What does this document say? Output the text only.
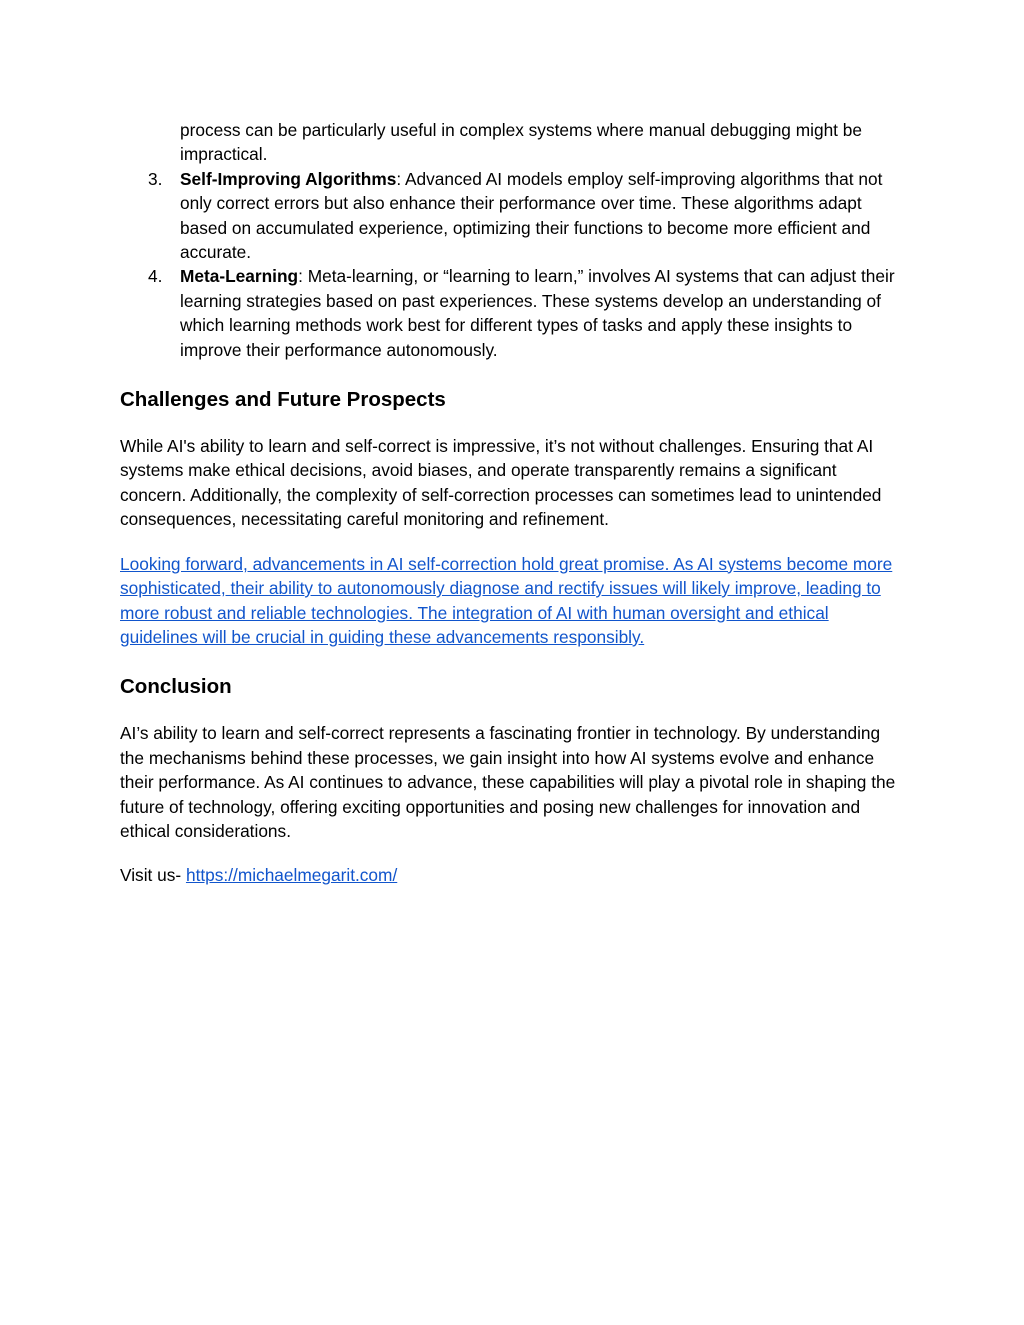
process can be particularly useful in complex systems where manual debugging might be impractical.

3. Self-Improving Algorithms: Advanced AI models employ self-improving algorithms that not only correct errors but also enhance their performance over time. These algorithms adapt based on accumulated experience, optimizing their functions to become more efficient and accurate.
4. Meta-Learning: Meta-learning, or “learning to learn,” involves AI systems that can adjust their learning strategies based on past experiences. These systems develop an understanding of which learning methods work best for different types of tasks and apply these insights to improve their performance autonomously.
Challenges and Future Prospects

While AI's ability to learn and self-correct is impressive, it’s not without challenges. Ensuring that AI systems make ethical decisions, avoid biases, and operate transparently remains a significant concern. Additionally, the complexity of self-correction processes can sometimes lead to unintended consequences, necessitating careful monitoring and refinement.

Looking forward, advancements in AI self-correction hold great promise. As AI systems become more sophisticated, their ability to autonomously diagnose and rectify issues will likely improve, leading to more robust and reliable technologies. The integration of AI with human oversight and ethical guidelines will be crucial in guiding these advancements responsibly.

Conclusion

AI’s ability to learn and self-correct represents a fascinating frontier in technology. By understanding the mechanisms behind these processes, we gain insight into how AI systems evolve and enhance their performance. As AI continues to advance, these capabilities will play a pivotal role in shaping the future of technology, offering exciting opportunities and posing new challenges for innovation and ethical considerations.

Visit us- https://michaelmegarit.com/
